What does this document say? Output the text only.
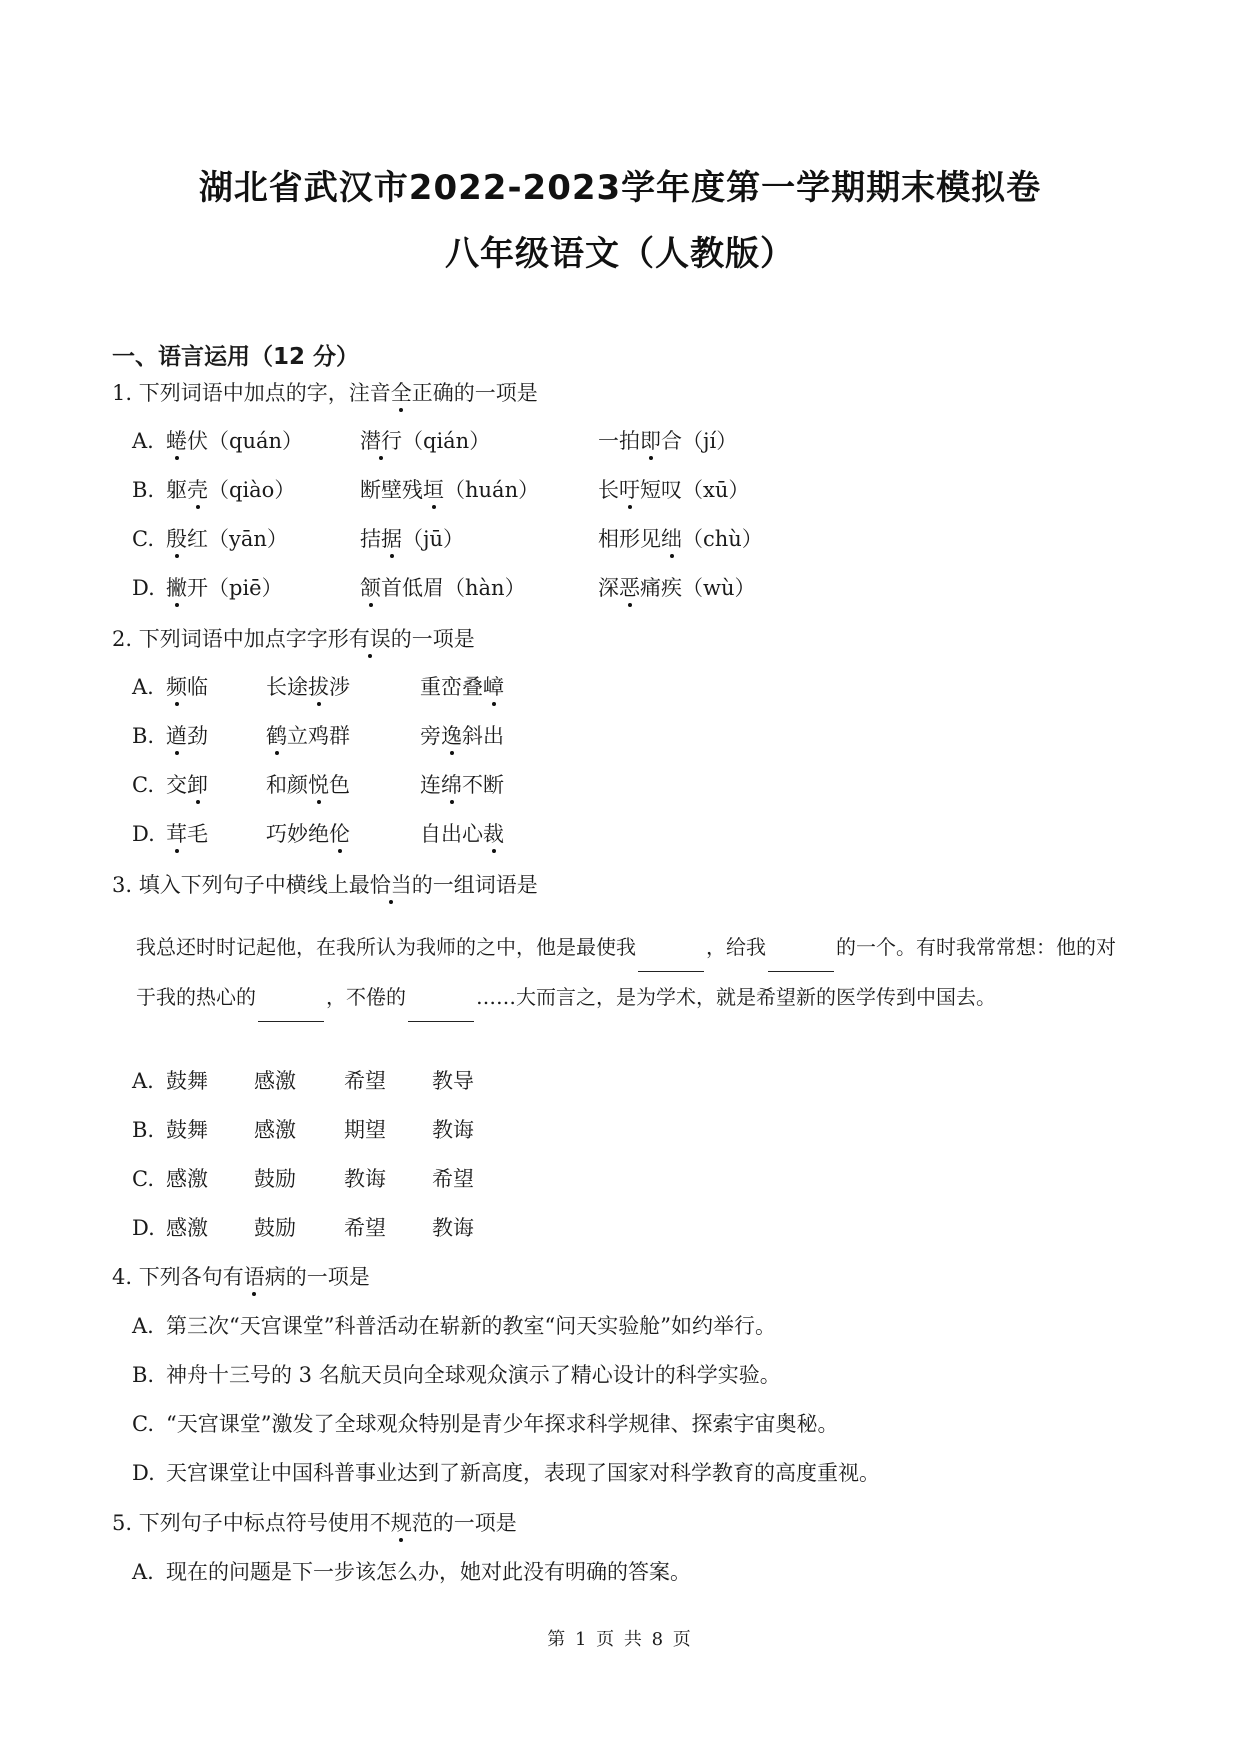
湖北省武汉市2022-2023学年度第一学期期末模拟卷
八年级语文（人教版）
一、语言运用（12 分）
1. 下列词语中加点的字，注音全正确的一项是
A. 蜷伏（quán）	潜行（qián）	一拍即合（jí）
B. 躯壳（qiào）	断壁残垣（huán）	长吁短叹（xū）
C. 殷红（yān）	拮据（jū）	相形见绌（chù）
D. 撇开（piē）	颔首低眉（hàn）	深恶痛疾（wù）
2. 下列词语中加点字字形有误的一项是
A. 频临	长途拔涉	重峦叠嶂
B. 遒劲	鹤立鸡群	旁逸斜出
C. 交卸	和颜悦色	连绵不断
D. 茸毛	巧妙绝伦	自出心裁
3. 填入下列句子中横线上最恰当的一组词语是
我总还时时记起他，在我所认为我师的之中，他是最使我	，给我	的一个。有时我常常想：他的对于我的热心的	，不倦的	……大而言之，是为学术，就是希望新的医学传到中国去。
A. 鼓舞 感激 希望 教导
B. 鼓舞 感激 期望 教诲
C. 感激 鼓励 教诲 希望
D. 感激 鼓励 希望 教诲
4. 下列各句有语病的一项是
A. 第三次“天宫课堂”科普活动在崭新的教室“问天实验舱”如约举行。
B. 神舟十三号的 3 名航天员向全球观众演示了精心设计的科学实验。
C. “天宫课堂”激发了全球观众特别是青少年探求科学规律、探索宇宙奥秘。
D. 天宫课堂让中国科普事业达到了新高度，表现了国家对科学教育的高度重视。
5. 下列句子中标点符号使用不规范的一项是
A. 现在的问题是下一步该怎么办，她对此没有明确的答案。
第 1 页 共 8 页
